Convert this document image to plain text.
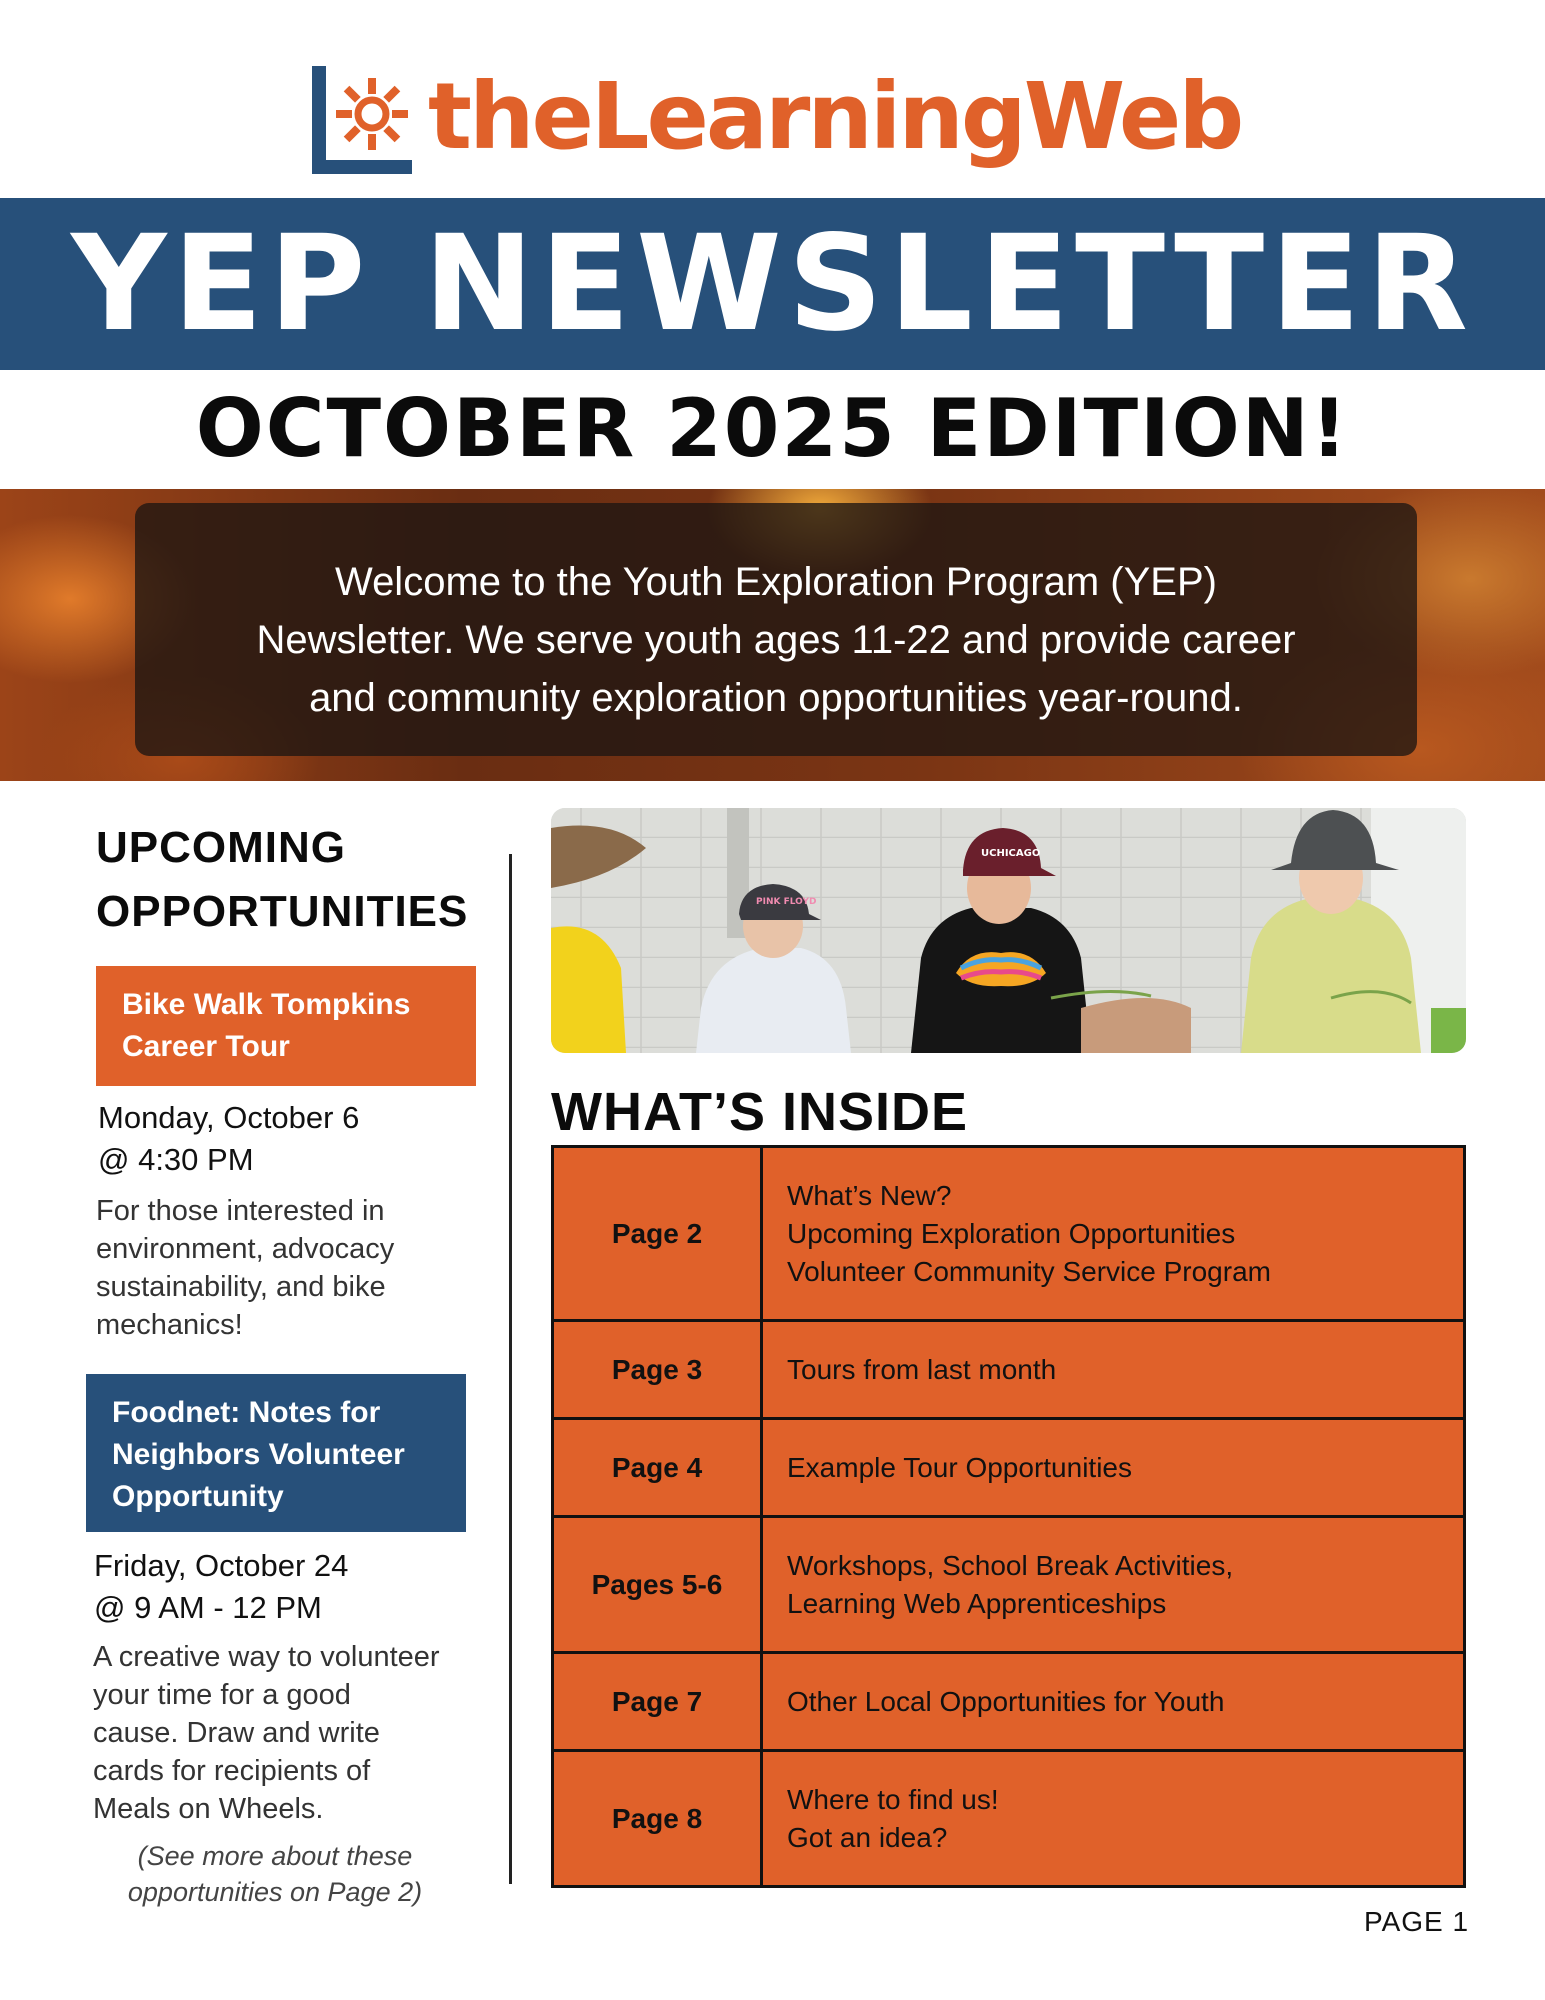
theLearningWeb
YEP NEWSLETTER
OCTOBER 2025 EDITION!
Welcome to the Youth Exploration Program (YEP)
Newsletter. We serve youth ages 11-22 and provide career
and community exploration opportunities year-round.
UPCOMING
OPPORTUNITIES
Bike Walk Tompkins
Career Tour
Monday, October 6
@ 4:30 PM
For those interested in
environment, advocacy
sustainability, and bike
mechanics!
Foodnet: Notes for
Neighbors Volunteer
Opportunity
Friday, October 24
@ 9 AM - 12 PM
A creative way to volunteer
your time for a good
cause. Draw and write
cards for recipients of
Meals on Wheels.
(See more about these
opportunities on Page 2)
PINK FLOYD
UCHICAGO
WHAT’S INSIDE
Page 2	What’s New?
Upcoming Exploration Opportunities
Volunteer Community Service Program

Page 3	Tours from last month

Page 4	Example Tour Opportunities

Pages 5-6	Workshops, School Break Activities,
Learning Web Apprenticeships

Page 7	Other Local Opportunities for Youth

Page 8	Where to find us!
Got an idea?
PAGE 1
